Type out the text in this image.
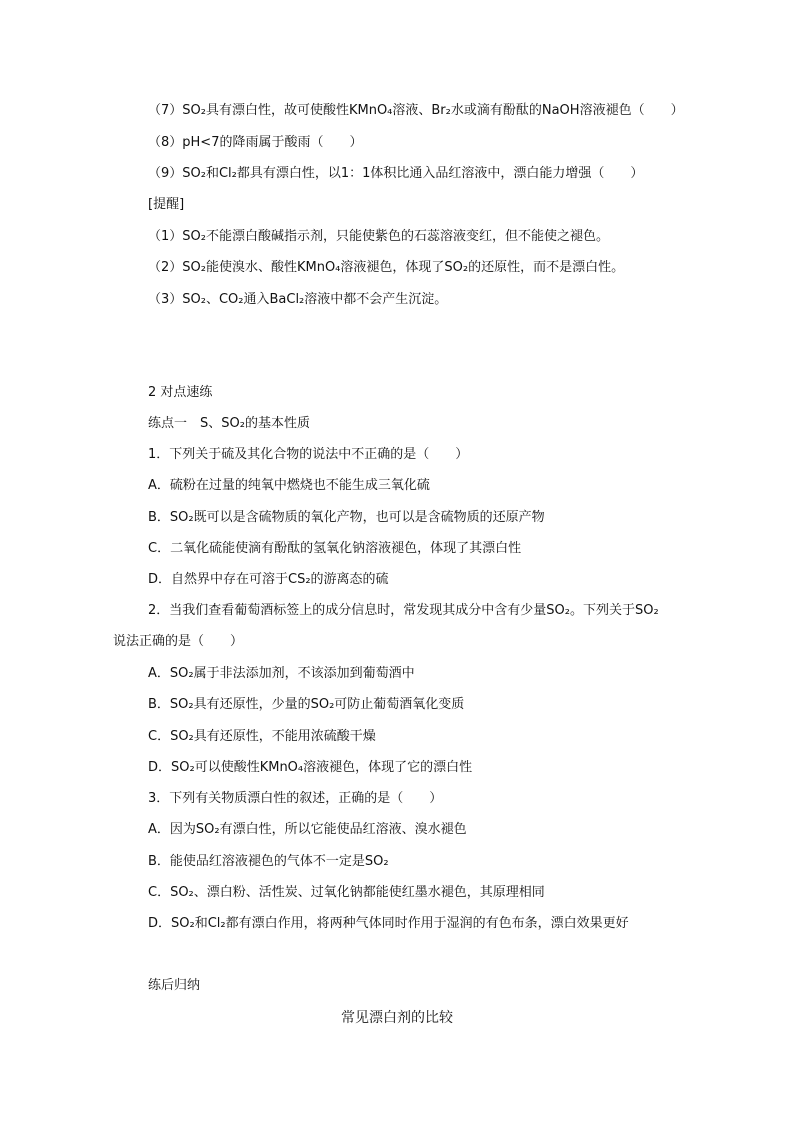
（7）SO₂具有漂白性，故可使酸性KMnO₄溶液、Br₂水或滴有酚酞的NaOH溶液褪色（　　）
（8）pH<7的降雨属于酸雨（　　）
（9）SO₂和Cl₂都具有漂白性，以1：1体积比通入品红溶液中，漂白能力增强（　　）
[提醒]
（1）SO₂不能漂白酸碱指示剂，只能使紫色的石蕊溶液变红，但不能使之褪色。
（2）SO₂能使溴水、酸性KMnO₄溶液褪色，体现了SO₂的还原性，而不是漂白性。
（3）SO₂、CO₂通入BaCl₂溶液中都不会产生沉淀。
2 对点速练
练点一　S、SO₂的基本性质
1．下列关于硫及其化合物的说法中不正确的是（　　）
A．硫粉在过量的纯氧中燃烧也不能生成三氧化硫
B．SO₂既可以是含硫物质的氧化产物，也可以是含硫物质的还原产物
C．二氧化硫能使滴有酚酞的氢氧化钠溶液褪色，体现了其漂白性
D．自然界中存在可溶于CS₂的游离态的硫
2．当我们查看葡萄酒标签上的成分信息时，常发现其成分中含有少量SO₂。下列关于SO₂
说法正确的是（　　）
A．SO₂属于非法添加剂，不该添加到葡萄酒中
B．SO₂具有还原性，少量的SO₂可防止葡萄酒氧化变质
C．SO₂具有还原性，不能用浓硫酸干燥
D．SO₂可以使酸性KMnO₄溶液褪色，体现了它的漂白性
3．下列有关物质漂白性的叙述，正确的是（　　）
A．因为SO₂有漂白性，所以它能使品红溶液、溴水褪色
B．能使品红溶液褪色的气体不一定是SO₂
C．SO₂、漂白粉、活性炭、过氧化钠都能使红墨水褪色，其原理相同
D．SO₂和Cl₂都有漂白作用，将两种气体同时作用于湿润的有色布条，漂白效果更好
练后归纳
常见漂白剂的比较
